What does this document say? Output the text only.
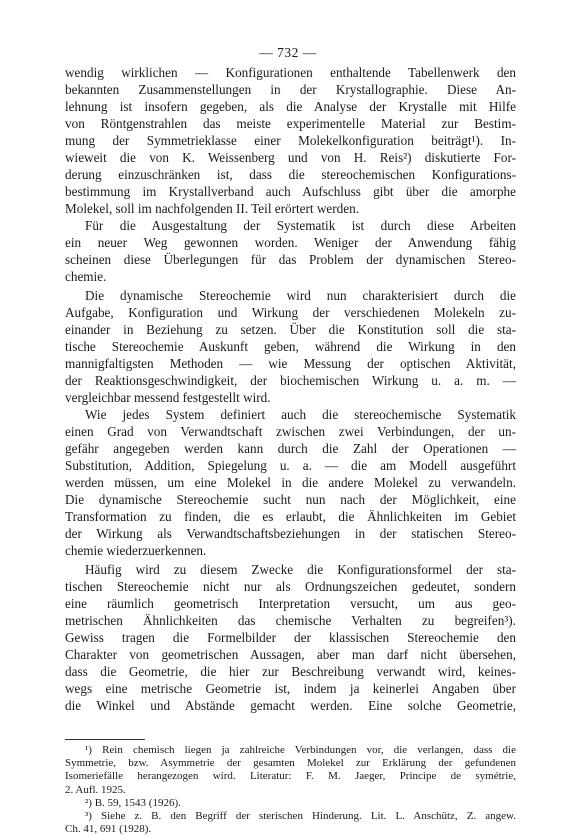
— 732 —
wendig wirklichen — Konfigurationen enthaltende Tabellenwerk den
bekannten Zusammenstellungen in der Krystallographie. Diese An-
lehnung ist insofern gegeben, als die Analyse der Krystalle mit Hilfe
von Röntgenstrahlen das meiste experimentelle Material zur Bestim-
mung der Symmetrieklasse einer Molekelkonfiguration beiträgt¹). In-
wieweit die von K. Weissenberg und von H. Reis²) diskutierte For-
derung einzuschränken ist, dass die stereochemischen Konfigurations-
bestimmung im Krystallverband auch Aufschluss gibt über die amorphe
Molekel, soll im nachfolgenden II. Teil erörtert werden.
Für die Ausgestaltung der Systematik ist durch diese Arbeiten
ein neuer Weg gewonnen worden. Weniger der Anwendung fähig
scheinen diese Überlegungen für das Problem der dynamischen Stereo-
chemie.
Die dynamische Stereochemie wird nun charakterisiert durch die
Aufgabe, Konfiguration und Wirkung der verschiedenen Molekeln zu-
einander in Beziehung zu setzen. Über die Konstitution soll die sta-
tische Stereochemie Auskunft geben, während die Wirkung in den
mannigfaltigsten Methoden — wie Messung der optischen Aktivität,
der Reaktionsgeschwindigkeit, der biochemischen Wirkung u. a. m. —
vergleichbar messend festgestellt wird.
Wie jedes System definiert auch die stereochemische Systematik
einen Grad von Verwandtschaft zwischen zwei Verbindungen, der un-
gefähr angegeben werden kann durch die Zahl der Operationen —
Substitution, Addition, Spiegelung u. a. — die am Modell ausgeführt
werden müssen, um eine Molekel in die andere Molekel zu verwandeln.
Die dynamische Stereochemie sucht nun nach der Möglichkeit, eine
Transformation zu finden, die es erlaubt, die Ähnlichkeiten im Gebiet
der Wirkung als Verwandtschaftsbeziehungen in der statischen Stereo-
chemie wiederzuerkennen.
Häufig wird zu diesem Zwecke die Konfigurationsformel der sta-
tischen Stereochemie nicht nur als Ordnungszeichen gedeutet, sondern
eine räumlich geometrisch Interpretation versucht, um aus geo-
metrischen Ähnlichkeiten das chemische Verhalten zu begreifen³).
Gewiss tragen die Formelbilder der klassischen Stereochemie den
Charakter von geometrischen Aussagen, aber man darf nicht übersehen,
dass die Geometrie, die hier zur Beschreibung verwandt wird, keines-
wegs eine metrische Geometrie ist, indem ja keinerlei Angaben über
die Winkel und Abstände gemacht werden. Eine solche Geometrie,
¹) Rein chemisch liegen ja zahlreiche Verbindungen vor, die verlangen, dass die
Symmetrie, bzw. Asymmetrie der gesamten Molekel zur Erklärung der gefundenen
Isomeriefälle herangezogen wird. Literatur: F. M. Jaeger, Principe de symétrie,
2. Aufl. 1925.
²) B. 59, 1543 (1926).
³) Siehe z. B. den Begriff der sterischen Hinderung. Lit. L. Anschütz, Z. angew.
Ch. 41, 691 (1928).
